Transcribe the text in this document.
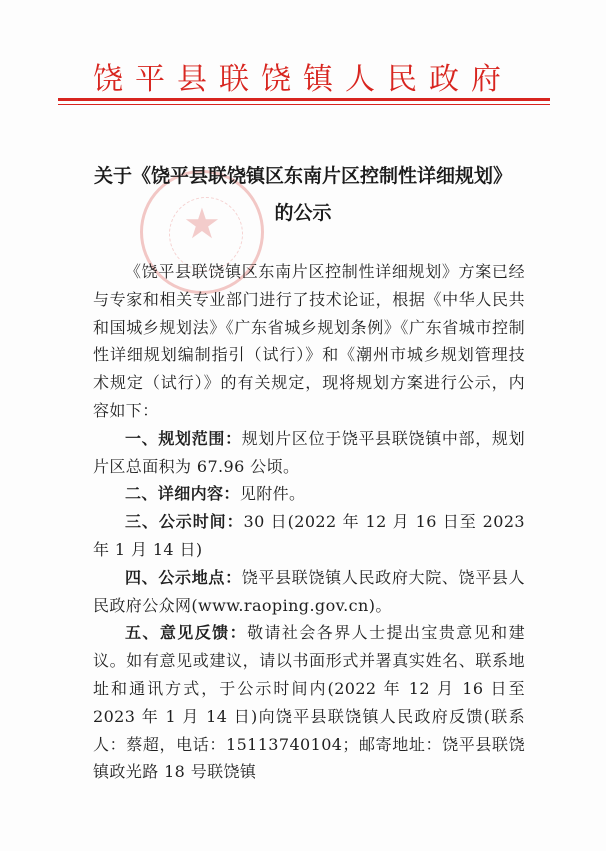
饶平县联饶镇人民政府
★
关于《饶平县联饶镇区东南片区控制性详细规划》
的公示

《饶平县联饶镇区东南片区控制性详细规划》方案已经与专家和相关专业部门进行了技术论证，根据《中华人民共和国城乡规划法》《广东省城乡规划条例》《广东省城市控制性详细规划编制指引（试行）》和《潮州市城乡规划管理技术规定（试行）》的有关规定，现将规划方案进行公示，内容如下：

一、规划范围：规划片区位于饶平县联饶镇中部，规划片区总面积为 67.96 公顷。

二、详细内容：见附件。

三、公示时间：30 日(2022 年 12 月 16 日至 2023 年 1 月 14 日)

四、公示地点：饶平县联饶镇人民政府大院、饶平县人民政府公众网(www.raoping.gov.cn)。

五、意见反馈：敬请社会各界人士提出宝贵意见和建议。如有意见或建议，请以书面形式并署真实姓名、联系地址和通讯方式，于公示时间内(2022 年 12 月 16 日至 2023 年 1 月 14 日)向饶平县联饶镇人民政府反馈(联系人：蔡超，电话：15113740104；邮寄地址：饶平县联饶镇政光路 18 号联饶镇
